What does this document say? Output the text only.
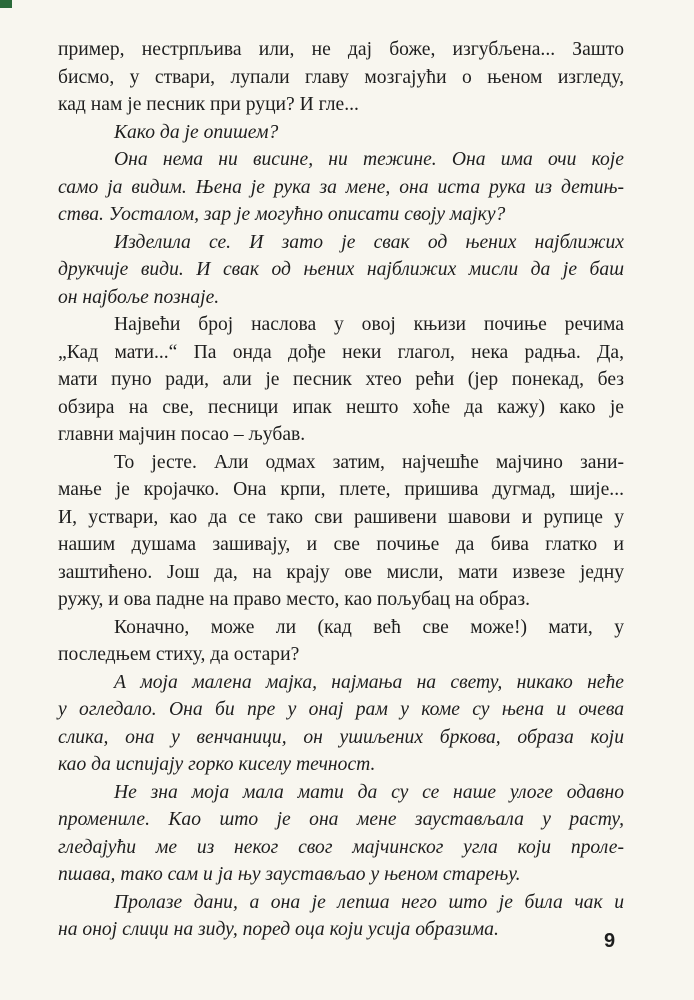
пример, нестрпљива или, не дај боже, изгубљена... Зашто
бисмо, у ствари, лупали главу мозгајући о њеном изгледу,
кад нам је песник при руци? И гле...
Како да је опишем?
Она нема ни висине, ни тежине. Она има очи које
само ја видим. Њена је рука за мене, она иста рука из детињ-
ства. Уосталом, зар је могућно описати своју мајку?
Изделила се. И зато је свак од њених најближих
друкчије види. И свак од њених најближих мисли да је баш
он најбоље познаје.
Највећи број наслова у овој књизи почиње речима
„Кад мати...“ Па онда дође неки глагол, нека радња. Да,
мати пуно ради, али је песник хтео рећи (јер понекад, без
обзира на све, песници ипак нешто хоће да кажу) како је
главни мајчин посао – љубав.
То јесте. Али одмах затим, најчешће мајчино зани-
мање је кројачко. Она крпи, плете, пришива дугмад, шије...
И, уствари, као да се тако сви рашивени шавови и рупице у
нашим душама зашивају, и све почиње да бива глатко и
заштићено. Још да, на крају ове мисли, мати извезе једну
ружу, и ова падне на право место, као пољубац на образ.
Коначно, може ли (кад већ све може!) мати, у
последњем стиху, да остари?
А моја малена мајка, најмања на свету, никако неће
у огледало. Она би пре у онај рам у коме су њена и очева
слика, она у венчаници, он ушиљених бркова, образа који
као да испијају горко киселу течност.
Не зна моја мала мати да су се наше улоге одавно
промениле. Као што је она мене заустављала у расту,
гледајући ме из неког свог мајчинског угла који проле-
пшава, тако сам и ја њу заустављао у њеном старењу.
Пролазе дани, а она је лепша него што је била чак и
на оној слици на зиду, поред оца који усија образима.
9
